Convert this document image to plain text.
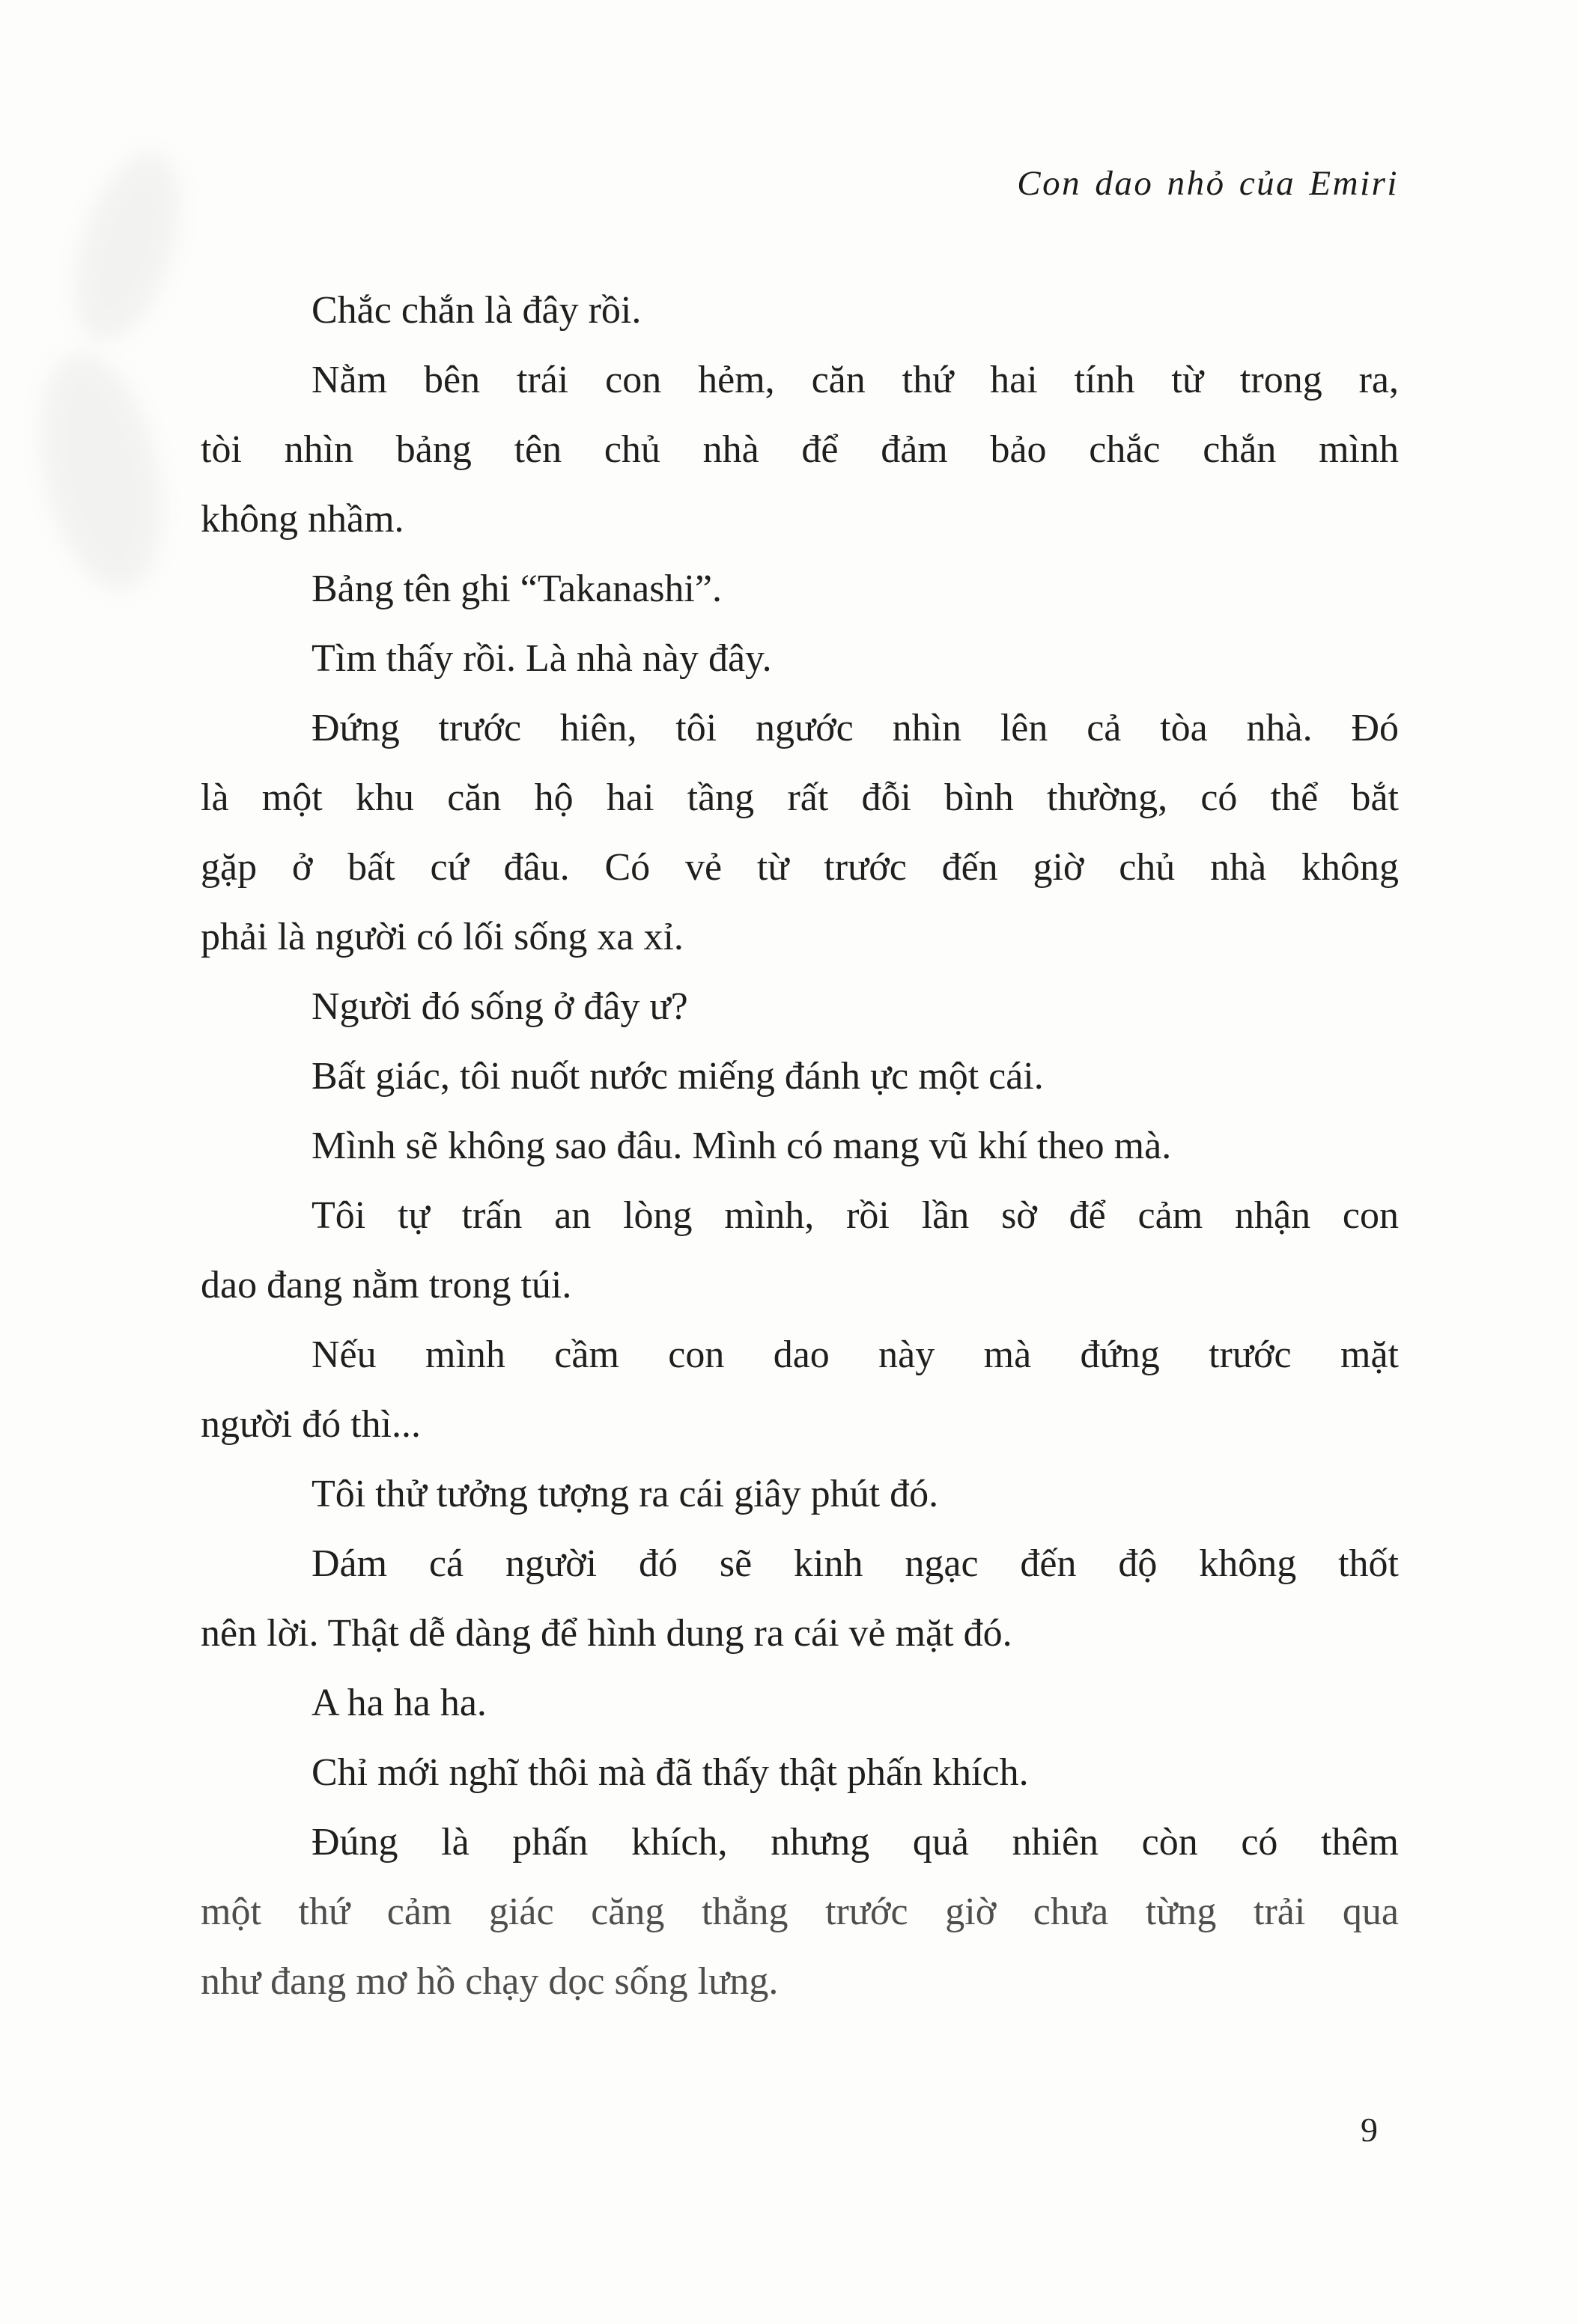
Con dao nhỏ của Emiri
Chắc chắn là đây rồi.
Nằm bên trái con hẻm, căn thứ hai tính từ trong ra,
tòi nhìn bảng tên chủ nhà để đảm bảo chắc chắn mình
không nhầm.
Bảng tên ghi “Takanashi”.
Tìm thấy rồi. Là nhà này đây.
Đứng trước hiên, tôi ngước nhìn lên cả tòa nhà. Đó
là một khu căn hộ hai tầng rất đỗi bình thường, có thể bắt
gặp ở bất cứ đâu. Có vẻ từ trước đến giờ chủ nhà không
phải là người có lối sống xa xỉ.
Người đó sống ở đây ư?
Bất giác, tôi nuốt nước miếng đánh ực một cái.
Mình sẽ không sao đâu. Mình có mang vũ khí theo mà.
Tôi tự trấn an lòng mình, rồi lần sờ để cảm nhận con
dao đang nằm trong túi.
Nếu mình cầm con dao này mà đứng trước mặt
người đó thì...
Tôi thử tưởng tượng ra cái giây phút đó.
Dám cá người đó sẽ kinh ngạc đến độ không thốt
nên lời. Thật dễ dàng để hình dung ra cái vẻ mặt đó.
A ha ha ha.
Chỉ mới nghĩ thôi mà đã thấy thật phấn khích.
Đúng là phấn khích, nhưng quả nhiên còn có thêm
một thứ cảm giác căng thẳng trước giờ chưa từng trải qua
như đang mơ hồ chạy dọc sống lưng.
9
